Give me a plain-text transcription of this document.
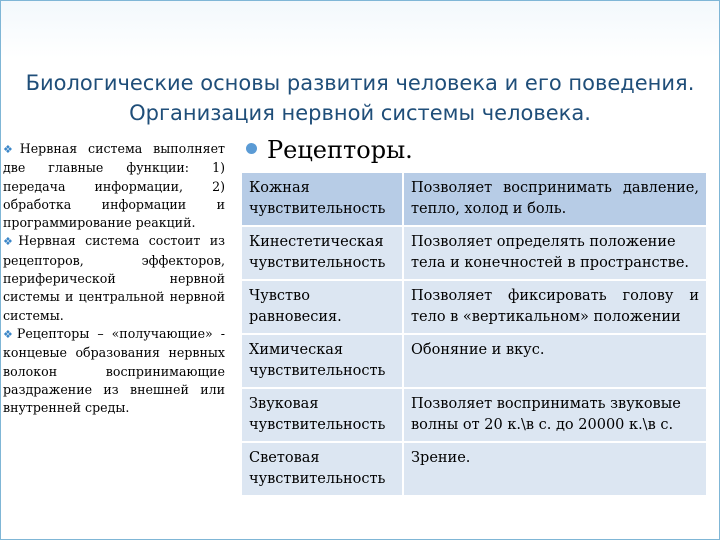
Биологические основы развития человека и его поведения.
Организация нервной системы человека.

❖Нервная система выполняет две главные функции: 1) передача информации, 2) обработка информации и программирование реакций.

❖Нервная система состоит из рецепторов, эффекторов, периферической нервной системы и центральной нервной системы.

❖Рецепторы – «получающие» - концевые образования нервных волокон воспринимающие раздражение из внешней или внутренней среды.

Рецепторы.
Кожная чувствительность	Позволяет воспринимать давление, тепло, холод и боль.
Кинестетическая чувствительность	Позволяет определять положение тела и конечностей в пространстве.
Чувство равновесия.	Позволяет фиксировать голову и тело в «вертикальном» положении
Химическая чувствительность	Обоняние и вкус.
Звуковая чувствительность	Позволяет воспринимать звуковые волны от 20 к.\в с. до 20000 к.\в с.
Световая чувствительность	Зрение.
